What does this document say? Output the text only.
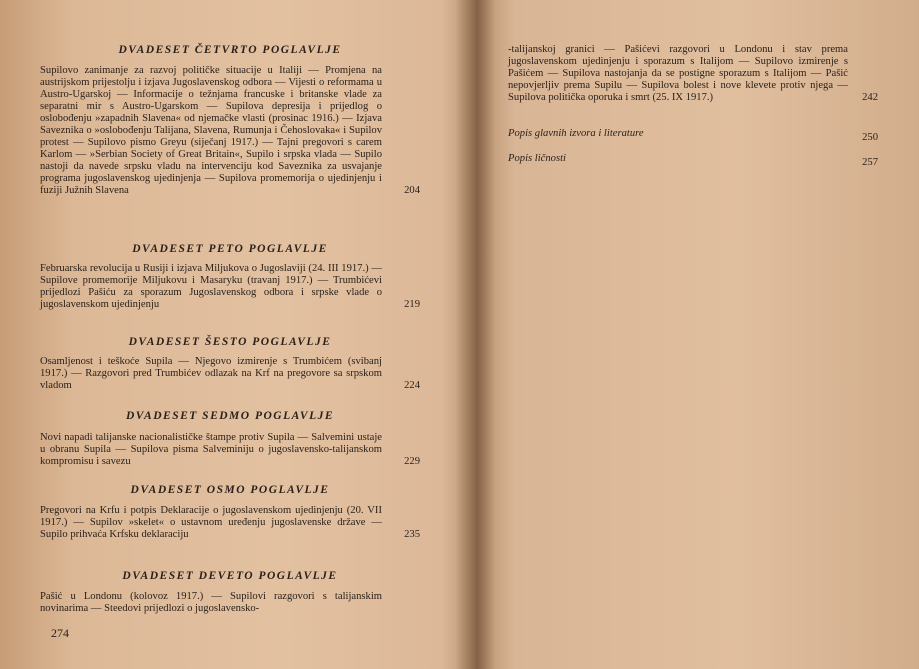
DVADESET ČETVRTO POGLAVLJE

Supilovo zanimanje za razvoj političke situacije u Italiji — Promjena na austrijskom prijestolju i izjava Jugoslavenskog odbora — Vijesti o reformama u Austro-Ugarskoj — Informacije o težnjama francuske i britanske vlade za separatni mir s Austro-Ugarskom — Supilova depresija i prijedlog o oslobođenju »zapadnih Slavena« od njemačke vlasti (prosinac 1916.) — Izjava Saveznika o »oslobođenju Talijana, Slavena, Rumunja i Čehoslovaka« i Supilov protest — Supilovo pismo Greyu (siječanj 1917.) — Tajni pregovori s carem Karlom — »Serbian Society of Great Britain«, Supilo i srpska vlada — Supilo nastoji da navede srpsku vladu na intervenciju kod Saveznika za usvajanje programa jugoslavenskog ujedinjenja — Supilova promemorija o ujedinjenju i fuziji Južnih Slavena	204
DVADESET PETO POGLAVLJE

Februarska revolucija u Rusiji i izjava Miljukova o Jugoslaviji (24. III 1917.) — Supilove promemorije Miljukovu i Masaryku (travanj 1917.) — Trumbićevi prijedlozi Pašiću za sporazum Jugoslavenskog odbora i srpske vlade o jugoslavenskom ujedinjenju	219
DVADESET ŠESTO POGLAVLJE

Osamljenost i teškoće Supila — Njegovo izmirenje s Trumbićem (svibanj 1917.) — Razgovori pred Trumbićev odlazak na Krf na pregovore sa srpskom vladom	224
DVADESET SEDMO POGLAVLJE

Novi napadi talijanske nacionalističke štampe protiv Supila — Salvemini ustaje u obranu Supila — Supilova pisma Salveminiju o jugoslavensko-talijanskom kompromisu i savezu	229
DVADESET OSMO POGLAVLJE

Pregovori na Krfu i potpis Deklaracije o jugoslavenskom ujedinjenju (20. VII 1917.) — Supilov »skelet« o ustavnom uređenju jugoslavenske države — Supilo prihvaća Krfsku deklaraciju	235
DVADESET DEVETO POGLAVLJE

Pašić u Londonu (kolovoz 1917.) — Supilovi razgovori s talijanskim novinarima — Steedovi prijedlozi o jugoslavensko-

274

-talijanskoj granici — Pašićevi razgovori u Londonu i stav prema jugoslavenskom ujedinjenju i sporazum s Italijom — Supilovo izmirenje s Pašićem — Supilova nastojanja da se postigne sporazum s Italijom — Pašić nepovjerljiv prema Supilu — Supilova bolest i nove klevete protiv njega — Supilova politička oporuka i smrt (25. IX 1917.)	242

Popis glavnih izvora i literature	250

Popis ličnosti	257
